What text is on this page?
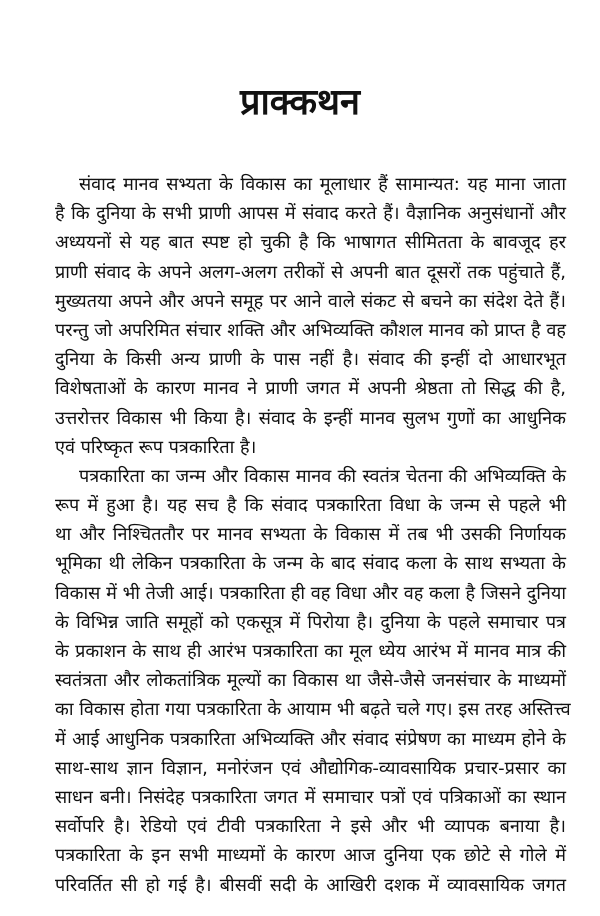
प्राक्कथन
संवाद मानव सभ्यता के विकास का मूलाधार हैं सामान्यत: यह माना जाता
है कि दुनिया के सभी प्राणी आपस में संवाद करते हैं। वैज्ञानिक अनुसंधानों और
अध्ययनों से यह बात स्पष्ट हो चुकी है कि भाषागत सीमितता के बावजूद हर
प्राणी संवाद के अपने अलग-अलग तरीकों से अपनी बात दूसरों तक पहुंचाते हैं,
मुख्यतया अपने और अपने समूह पर आने वाले संकट से बचने का संदेश देते हैं।
परन्तु जो अपरिमित संचार शक्ति और अभिव्यक्ति कौशल मानव को प्राप्त है वह
दुनिया के किसी अन्य प्राणी के पास नहीं है। संवाद की इन्हीं दो आधारभूत
विशेषताओं के कारण मानव ने प्राणी जगत में अपनी श्रेष्ठता तो सिद्ध की है,
उत्तरोत्तर विकास भी किया है। संवाद के इन्हीं मानव सुलभ गुणों का आधुनिक
एवं परिष्कृत रूप पत्रकारिता है।
पत्रकारिता का जन्म और विकास मानव की स्वतंत्र चेतना की अभिव्यक्ति के
रूप में हुआ है। यह सच है कि संवाद पत्रकारिता विधा के जन्म से पहले भी
था और निश्चिततौर पर मानव सभ्यता के विकास में तब भी उसकी निर्णायक
भूमिका थी लेकिन पत्रकारिता के जन्म के बाद संवाद कला के साथ सभ्यता के
विकास में भी तेजी आई। पत्रकारिता ही वह विधा और वह कला है जिसने दुनिया
के विभिन्न जाति समूहों को एकसूत्र में पिरोया है। दुनिया के पहले समाचार पत्र
के प्रकाशन के साथ ही आरंभ पत्रकारिता का मूल ध्येय आरंभ में मानव मात्र की
स्वतंत्रता और लोकतांत्रिक मूल्यों का विकास था जैसे-जैसे जनसंचार के माध्यमों
का विकास होता गया पत्रकारिता के आयाम भी बढ़ते चले गए। इस तरह अस्तित्त्व
में आई आधुनिक पत्रकारिता अभिव्यक्ति और संवाद संप्रेषण का माध्यम होने के
साथ-साथ ज्ञान विज्ञान, मनोरंजन एवं औद्योगिक-व्यावसायिक प्रचार-प्रसार का
साधन बनी। निसंदेह पत्रकारिता जगत में समाचार पत्रों एवं पत्रिकाओं का स्थान
सर्वोपरि है। रेडियो एवं टीवी पत्रकारिता ने इसे और भी व्यापक बनाया है।
पत्रकारिता के इन सभी माध्यमों के कारण आज दुनिया एक छोटे से गोले में
परिवर्तित सी हो गई है। बीसवीं सदी के आखिरी दशक में व्यावसायिक जगत
